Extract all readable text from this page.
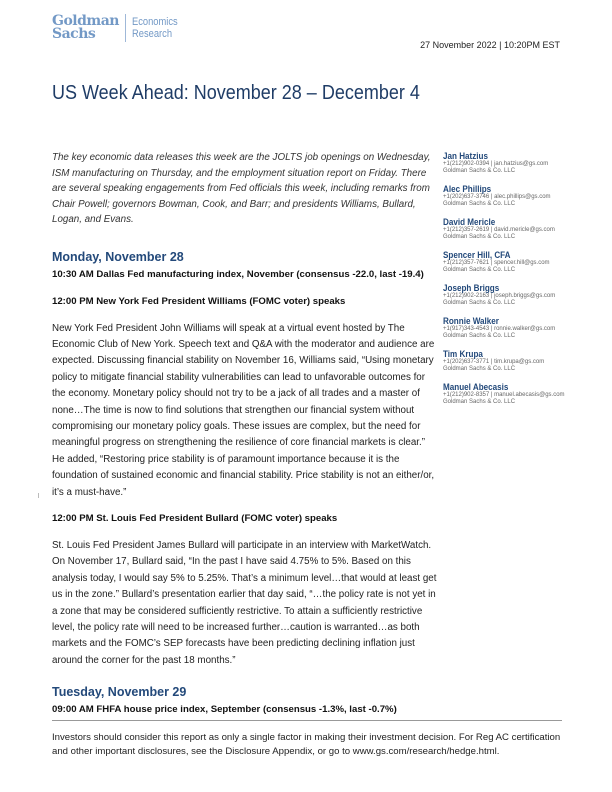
Goldman
Sachs
Economics
Research
27 November 2022 | 10:20PM EST
US Week Ahead: November 28 – December 4

The key economic data releases this week are the JOLTS job openings on Wednesday, ISM manufacturing on Thursday, and the employment situation report on Friday. There are several speaking engagements from Fed officials this week, including remarks from Chair Powell; governors Bowman, Cook, and Barr; and presidents Williams, Bullard, Logan, and Evans.

Monday, November 28
10:30 AM Dallas Fed manufacturing index, November (consensus -22.0, last -19.4)
12:00 PM New York Fed President Williams (FOMC voter) speaks

New York Fed President John Williams will speak at a virtual event hosted by The Economic Club of New York. Speech text and Q&A with the moderator and audience are expected. Discussing financial stability on November 16, Williams said, “Using monetary policy to mitigate financial stability vulnerabilities can lead to unfavorable outcomes for the economy. Monetary policy should not try to be a jack of all trades and a master of none…The time is now to find solutions that strengthen our financial system without compromising our monetary policy goals. These issues are complex, but the need for meaningful progress on strengthening the resilience of core financial markets is clear.” He added, “Restoring price stability is of paramount importance because it is the foundation of sustained economic and financial stability. Price stability is not an either/or, it’s a must-have.”

12:00 PM St. Louis Fed President Bullard (FOMC voter) speaks

St. Louis Fed President James Bullard will participate in an interview with MarketWatch. On November 17, Bullard said, “In the past I have said 4.75% to 5%. Based on this analysis today, I would say 5% to 5.25%. That’s a minimum level…that would at least get us in the zone.” Bullard’s presentation earlier that day said, “…the policy rate is not yet in a zone that may be considered sufficiently restrictive. To attain a sufficiently restrictive level, the policy rate will need to be increased further…caution is warranted…as both markets and the FOMC’s SEP forecasts have been predicting declining inflation just around the corner for the past 18 months.”

Tuesday, November 29
09:00 AM FHFA house price index, September (consensus -1.3%, last -0.7%)
Jan Hatzius
+1(212)902-0394 | jan.hatzius@gs.com
Goldman Sachs & Co. LLC
Alec Phillips
+1(202)637-3746 | alec.phillips@gs.com
Goldman Sachs & Co. LLC
David Mericle
+1(212)357-2619 | david.mericle@gs.com
Goldman Sachs & Co. LLC
Spencer Hill, CFA
+1(212)357-7621 | spencer.hill@gs.com
Goldman Sachs & Co. LLC
Joseph Briggs
+1(212)902-2163 | joseph.briggs@gs.com
Goldman Sachs & Co. LLC
Ronnie Walker
+1(917)343-4543 | ronnie.walker@gs.com
Goldman Sachs & Co. LLC
Tim Krupa
+1(202)637-3771 | tim.krupa@gs.com
Goldman Sachs & Co. LLC
Manuel Abecasis
+1(212)902-8357 | manuel.abecasis@gs.com
Goldman Sachs & Co. LLC
Investors should consider this report as only a single factor in making their investment decision. For Reg AC certification and other important disclosures, see the Disclosure Appendix, or go to www.gs.com/research/hedge.html.
